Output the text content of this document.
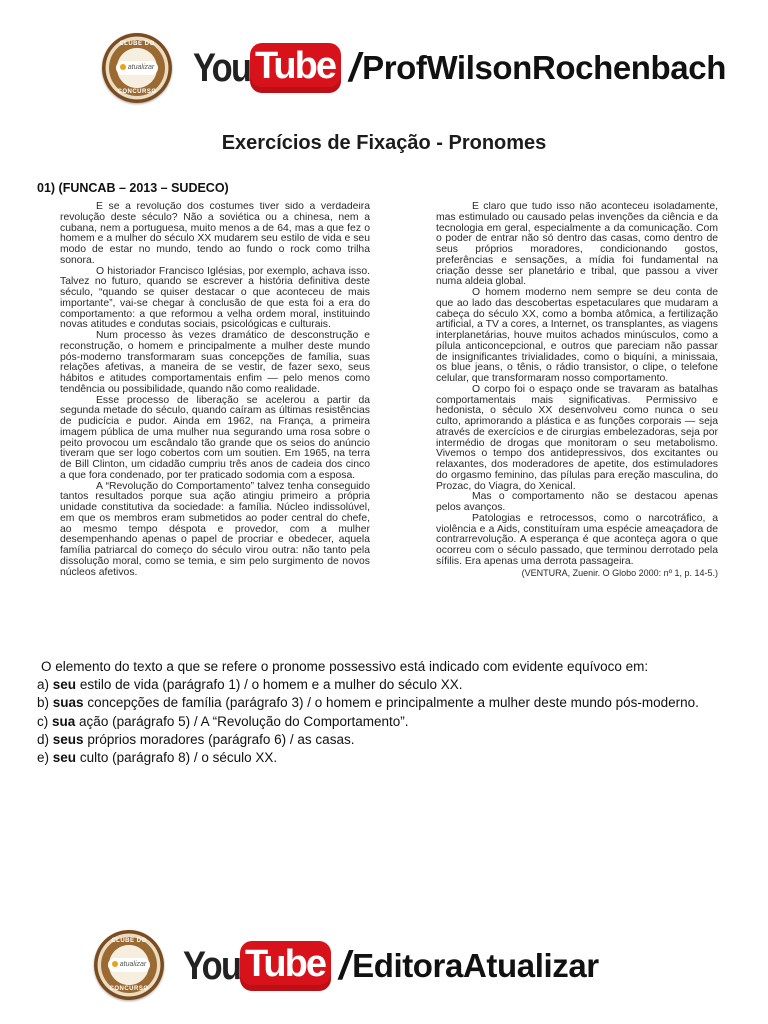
CLUBE DO
atualizar
CONCURSO
You Tube / ProfWilsonRochenbach
Exercícios de Fixação - Pronomes
01) (FUNCAB – 2013 – SUDECO)

E se a revolução dos costumes tiver sido a verdadeira revolução deste século? Não a soviética ou a chinesa, nem a cubana, nem a portuguesa, muito menos a de 64, mas a que fez o homem e a mulher do século XX mudarem seu estilo de vida e seu modo de estar no mundo, tendo ao fundo o rock como trilha sonora.

O historiador Francisco Iglésias, por exemplo, achava isso. Talvez no futuro, quando se escrever a história definitiva deste século, “quando se quiser destacar o que aconteceu de mais importante”, vai-se chegar à conclusão de que esta foi a era do comportamento: a que reformou a velha ordem moral, instituindo novas atitudes e condutas sociais, psicológicas e culturais.

Num processo às vezes dramático de desconstrução e reconstrução, o homem e principalmente a mulher deste mundo pós-moderno transformaram suas concepções de família, suas relações afetivas, a maneira de se vestir, de fazer sexo, seus hábitos e atitudes comportamentais enfim — pelo menos como tendência ou possibilidade, quando não como realidade.

Esse processo de liberação se acelerou a partir da segunda metade do século, quando caíram as últimas resistências de pudicícia e pudor. Ainda em 1962, na França, a primeira imagem pública de uma mulher nua segurando uma rosa sobre o peito provocou um escândalo tão grande que os seios do anúncio tiveram que ser logo cobertos com um soutien. Em 1965, na terra de Bill Clinton, um cidadão cumpriu três anos de cadeia dos cinco a que fora condenado, por ter praticado sodomia com a esposa.

A “Revolução do Comportamento” talvez tenha conseguido tantos resultados porque sua ação atingiu primeiro a própria unidade constitutiva da sociedade: a família. Núcleo indissolúvel, em que os membros eram submetidos ao poder central do chefe, ao mesmo tempo déspota e provedor, com a mulher desempenhando apenas o papel de procriar e obedecer, aquela família patriarcal do começo do século virou outra: não tanto pela dissolução moral, como se temia, e sim pelo surgimento de novos núcleos afetivos.

É claro que tudo isso não aconteceu isoladamente, mas estimulado ou causado pelas invenções da ciência e da tecnologia em geral, especialmente a da comunicação. Com o poder de entrar não só dentro das casas, como dentro de seus próprios moradores, condicionando gostos, preferências e sensações, a mídia foi fundamental na criação desse ser planetário e tribal, que passou a viver numa aldeia global.

O homem moderno nem sempre se deu conta de que ao lado das descobertas espetaculares que mudaram a cabeça do século XX, como a bomba atômica, a fertilização artificial, a TV a cores, a Internet, os transplantes, as viagens interplanetárias, houve muitos achados minúsculos, como a pílula anticoncepcional, e outros que pareciam não passar de insignificantes trivialidades, como o biquíni, a minissaia, os blue jeans, o tênis, o rádio transistor, o clipe, o telefone celular, que transformaram nosso comportamento.

O corpo foi o espaço onde se travaram as batalhas comportamentais mais significativas. Permissivo e hedonista, o século XX desenvolveu como nunca o seu culto, aprimorando a plástica e as funções corporais — seja através de exercícios e de cirurgias embelezadoras, seja por intermédio de drogas que monitoram o seu metabolismo. Vivemos o tempo dos antidepressivos, dos excitantes ou relaxantes, dos moderadores de apetite, dos estimuladores do orgasmo feminino, das pílulas para ereção masculina, do Prozac, do Viagra, do Xenical.

Mas o comportamento não se destacou apenas pelos avanços.

Patologias e retrocessos, como o narcotráfico, a violência e a Aids, constituíram uma espécie ameaçadora de contrarrevolução. A esperança é que aconteça agora o que ocorreu com o século passado, que terminou derrotado pela sífilis. Era apenas uma derrota passageira.

(VENTURA, Zuenir. O Globo 2000: nº 1, p. 14-5.)

O elemento do texto a que se refere o pronome possessivo está indicado com evidente equívoco em:
a) seu estilo de vida (parágrafo 1) / o homem e a mulher do século XX.
b) suas concepções de família (parágrafo 3) / o homem e principalmente a mulher deste mundo pós-moderno.
c) sua ação (parágrafo 5) / A “Revolução do Comportamento”.
d) seus próprios moradores (parágrafo 6) / as casas.
e) seu culto (parágrafo 8) / o século XX.
CLUBE DO
atualizar
CONCURSO
You Tube / EditoraAtualizar
